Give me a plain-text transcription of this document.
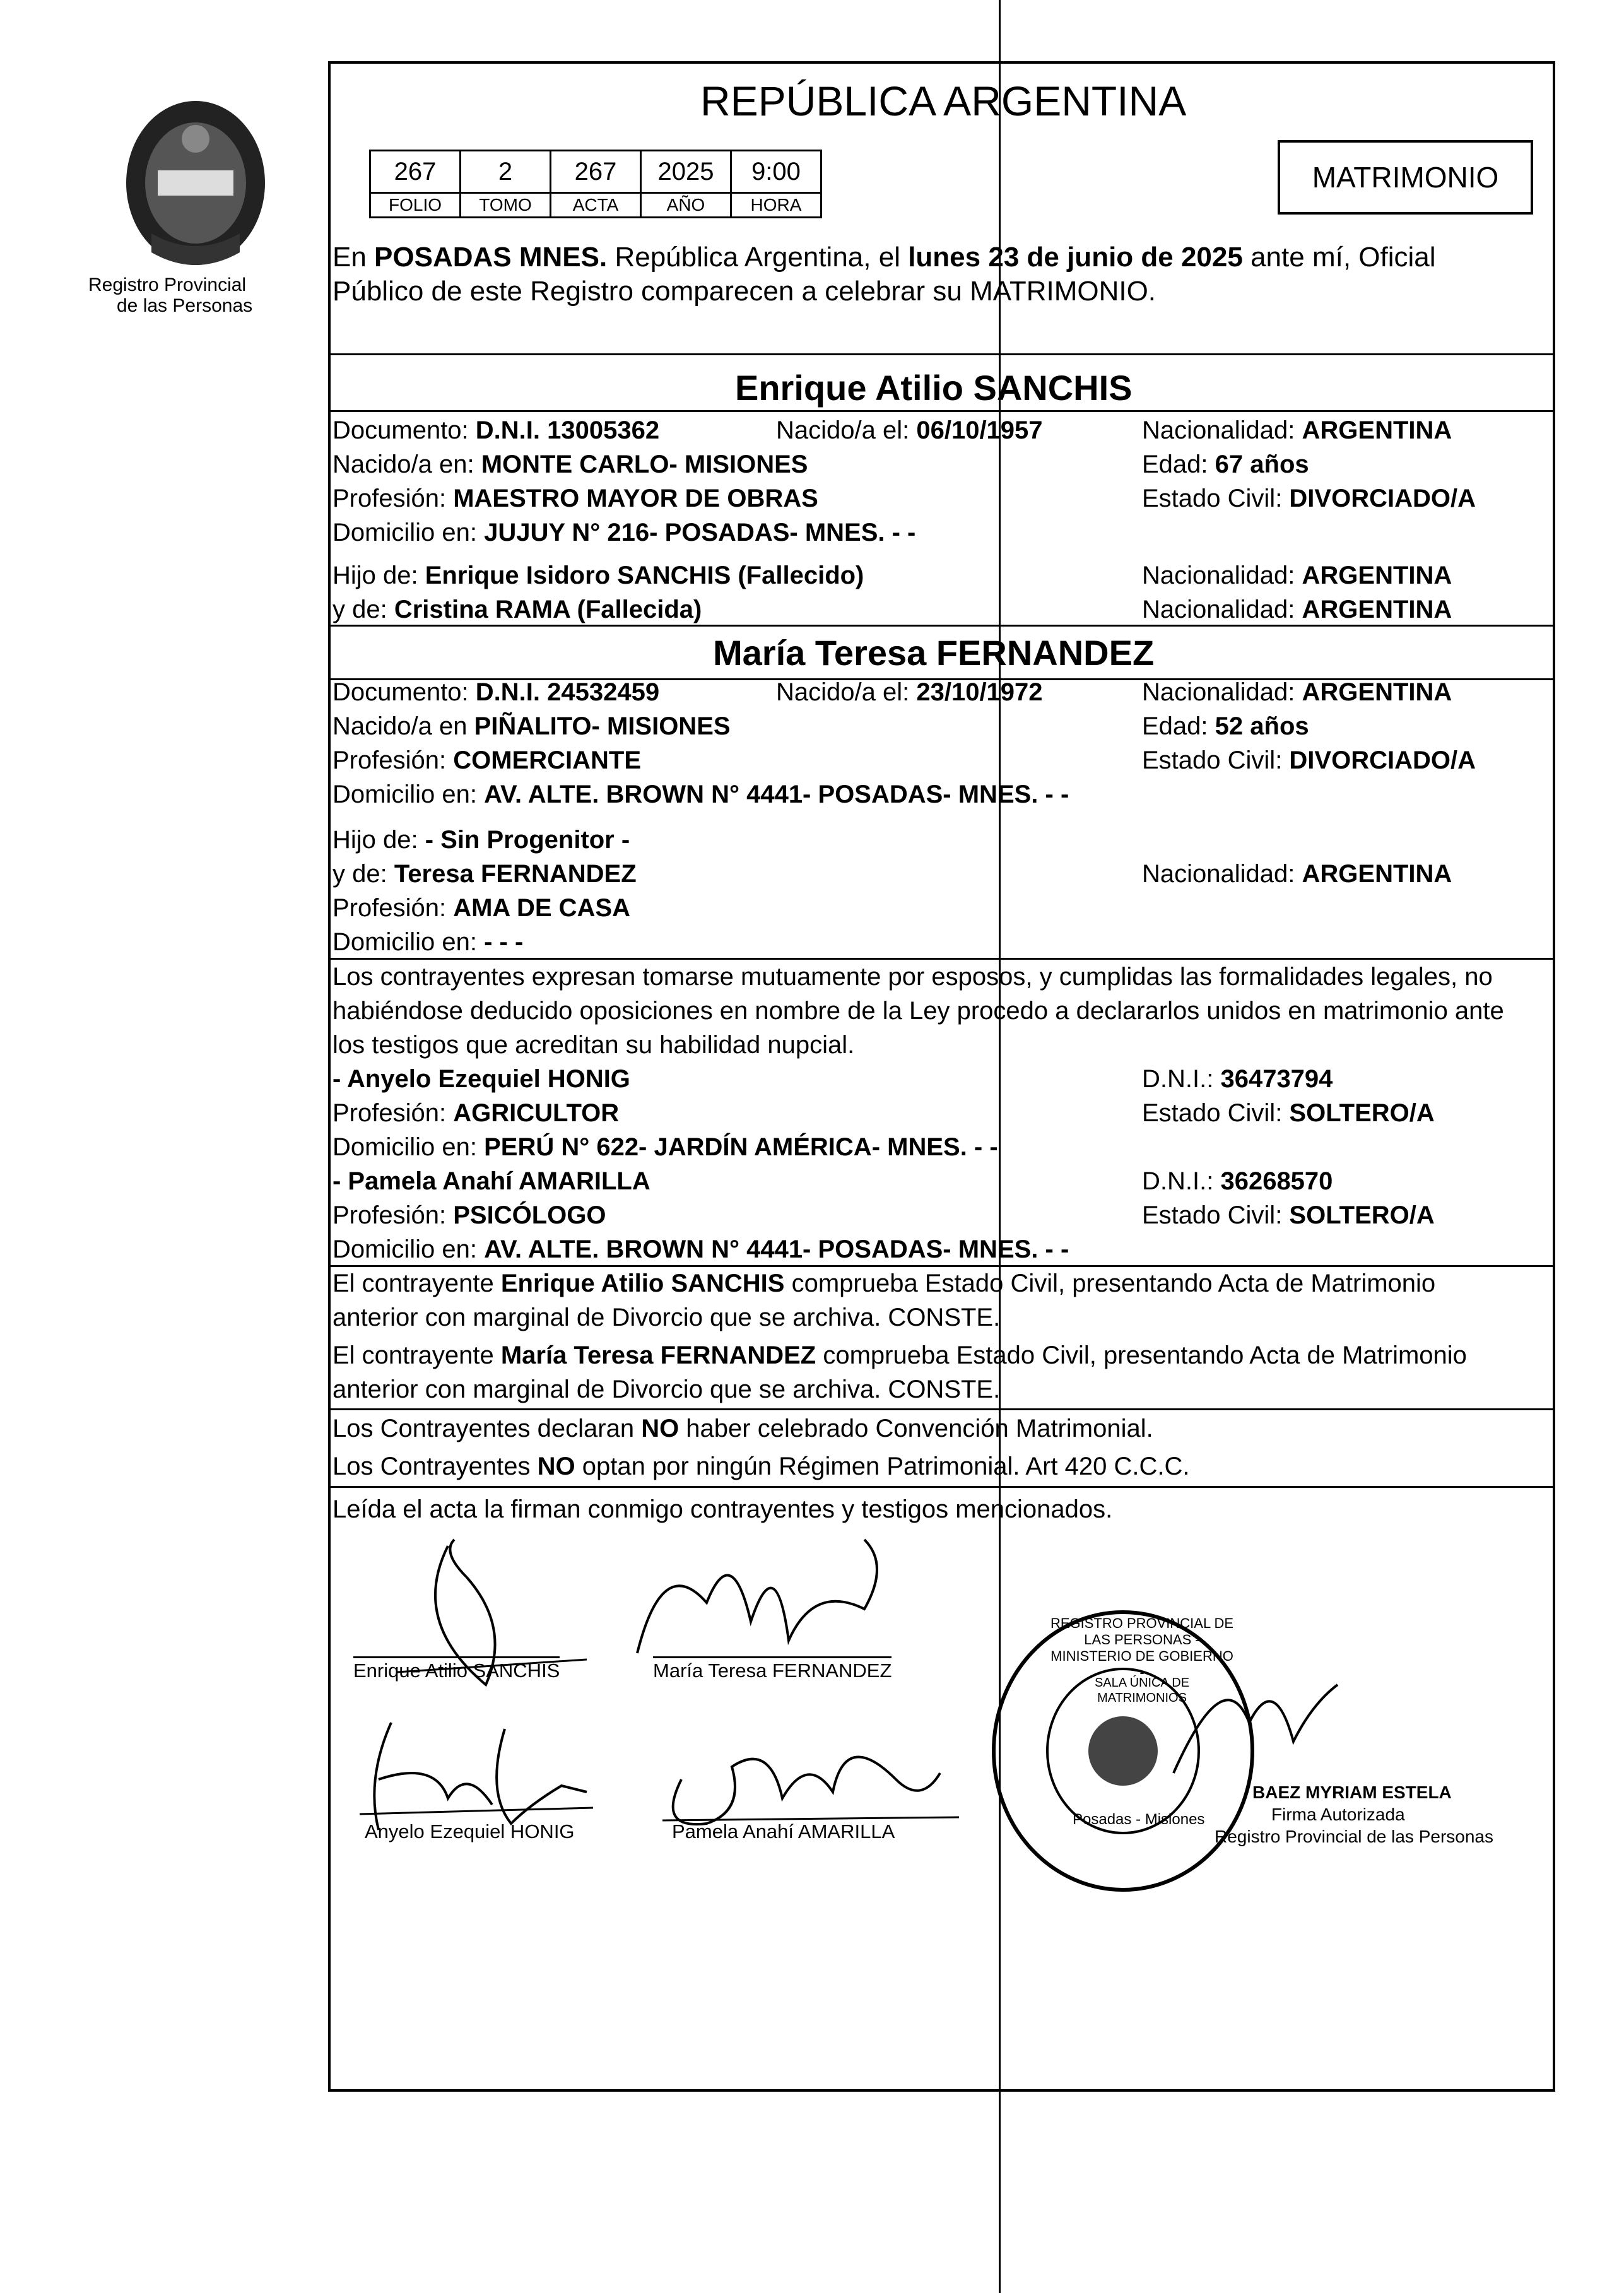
Registro Provincial
de las Personas
REPÚBLICA ARGENTINA
MATRIMONIO
267	2	267	2025	9:00
FOLIO	TOMO	ACTA	AÑO	HORA
En POSADAS MNES. República Argentina, el lunes 23 de junio de 2025 ante mí, Oficial
Público de este Registro comparecen a celebrar su MATRIMONIO.
Enrique Atilio SANCHIS
Documento: D.N.I. 13005362	Nacido/a el: 06/10/1957	Nacionalidad: ARGENTINA
Nacido/a en: MONTE CARLO- MISIONES	Edad: 67 años
Profesión: MAESTRO MAYOR DE OBRAS	Estado Civil: DIVORCIADO/A
Domicilio en: JUJUY N° 216- POSADAS- MNES. - -
Hijo de: Enrique Isidoro SANCHIS (Fallecido)	Nacionalidad: ARGENTINA
y de: Cristina RAMA (Fallecida)	Nacionalidad: ARGENTINA
María Teresa FERNANDEZ
Documento: D.N.I. 24532459	Nacido/a el: 23/10/1972	Nacionalidad: ARGENTINA
Nacido/a en PIÑALITO- MISIONES	Edad: 52 años
Profesión: COMERCIANTE	Estado Civil: DIVORCIADO/A
Domicilio en: AV. ALTE. BROWN N° 4441- POSADAS- MNES. - -
Hijo de: - Sin Progenitor -
y de: Teresa FERNANDEZ	Nacionalidad: ARGENTINA
Profesión: AMA DE CASA
Domicilio en: - - -
Los contrayentes expresan tomarse mutuamente por esposos, y cumplidas las formalidades legales, no
habiéndose deducido oposiciones en nombre de la Ley procedo a declararlos unidos en matrimonio ante
los testigos que acreditan su habilidad nupcial.
- Anyelo Ezequiel HONIG	D.N.I.: 36473794
Profesión: AGRICULTOR	Estado Civil: SOLTERO/A
Domicilio en: PERÚ N° 622- JARDÍN AMÉRICA- MNES. - -
- Pamela Anahí AMARILLA	D.N.I.: 36268570
Profesión: PSICÓLOGO	Estado Civil: SOLTERO/A
Domicilio en: AV. ALTE. BROWN N° 4441- POSADAS- MNES. - -
El contrayente Enrique Atilio SANCHIS comprueba Estado Civil, presentando Acta de Matrimonio
anterior con marginal de Divorcio que se archiva. CONSTE.
El contrayente María Teresa FERNANDEZ comprueba Estado Civil, presentando Acta de Matrimonio
anterior con marginal de Divorcio que se archiva. CONSTE.
Los Contrayentes declaran NO haber celebrado Convención Matrimonial.
Los Contrayentes NO optan por ningún Régimen Patrimonial. Art 420 C.C.C.
Leída el acta la firman conmigo contrayentes y testigos mencionados.
Enrique Atilio SANCHIS	María Teresa FERNANDEZ
Anyelo Ezequiel HONIG	Pamela Anahí AMARILLA
REGISTRO PROVINCIAL DE LAS PERSONAS - MINISTERIO DE GOBIERNO -
SALA ÚNICA DE MATRIMONIOS
Posadas - Misiones
BAEZ MYRIAM ESTELA
Firma Autorizada
Registro Provincial de las Personas
